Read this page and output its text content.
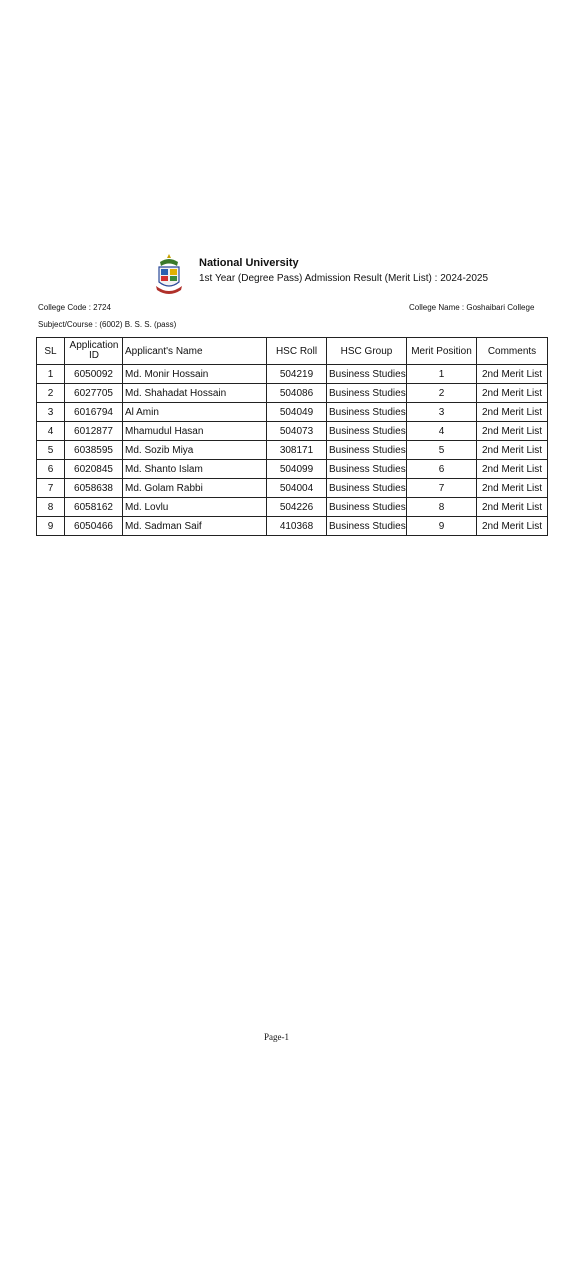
National University
1st Year (Degree Pass) Admission Result (Merit List) : 2024-2025
College Code : 2724	College Name : Goshaibari College
Subject/Course : (6002) B. S. S. (pass)
SL	Application ID	Applicant's Name	HSC Roll	HSC Group	Merit Position	Comments
1	6050092	Md. Monir Hossain	504219	Business Studies	1	2nd Merit List
2	6027705	Md. Shahadat Hossain	504086	Business Studies	2	2nd Merit List
3	6016794	Al Amin	504049	Business Studies	3	2nd Merit List
4	6012877	Mhamudul Hasan	504073	Business Studies	4	2nd Merit List
5	6038595	Md. Sozib Miya	308171	Business Studies	5	2nd Merit List
6	6020845	Md. Shanto Islam	504099	Business Studies	6	2nd Merit List
7	6058638	Md. Golam Rabbi	504004	Business Studies	7	2nd Merit List
8	6058162	Md. Lovlu	504226	Business Studies	8	2nd Merit List
9	6050466	Md. Sadman Saif	410368	Business Studies	9	2nd Merit List
Page-1
